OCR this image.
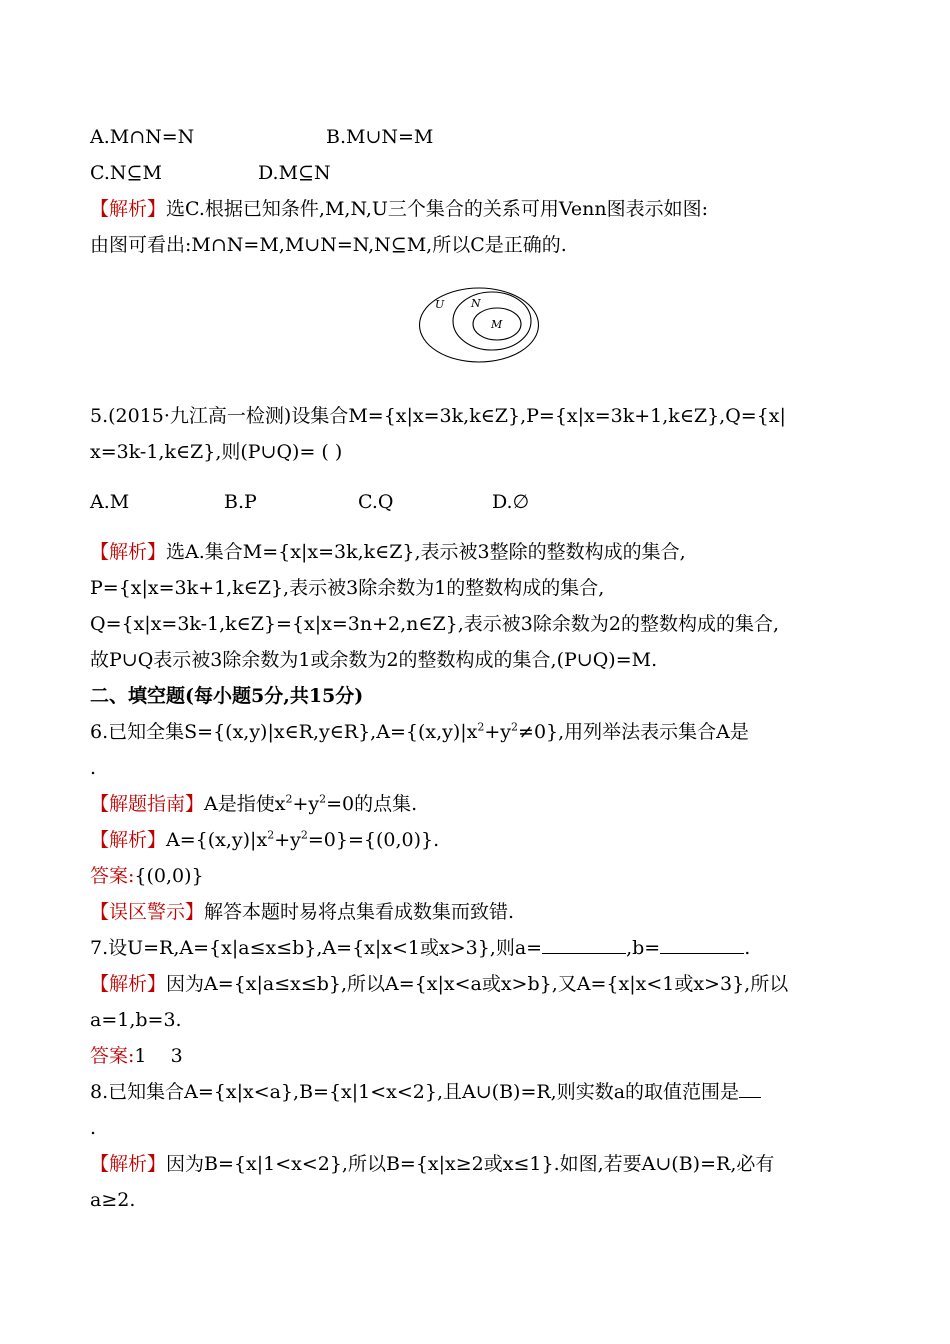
A.M∩N=N	B.M∪N=M
C.N⊆M	D.M⊆N
【解析】选C.根据已知条件,M,N,U三个集合的关系可用Venn图表示如图:
由图可看出:M∩N=M,M∪N=N,N⊆M,所以C是正确的.
U N
M
5.(2015·九江高一检测)设集合M={x|x=3k,k∈Z},P={x|x=3k+1,k∈Z},Q={x|
x=3k-1,k∈Z},则(P∪Q)= ( )
A.M	B.P	C.Q	D.∅
【解析】选A.集合M={x|x=3k,k∈Z},表示被3整除的整数构成的集合,
P={x|x=3k+1,k∈Z},表示被3除余数为1的整数构成的集合,
Q={x|x=3k-1,k∈Z}={x|x=3n+2,n∈Z},表示被3除余数为2的整数构成的集合,
故P∪Q表示被3除余数为1或余数为2的整数构成的集合,(P∪Q)=M.
二、填空题(每小题5分,共15分)
6.已知全集$S=\{(x,y)|x\in R,y\in R\},A=\{(x,y)|x^2+y^2\ne 0\}$,用列举法表示集合A是
.
【解题指南】A是指使$x^2+y^2=0$的点集.
【解析】$A=\{(x,y)|x^2+y^2=0\}=\{(0,0)\}$.
答案:{(0,0)}
【误区警示】解答本题时易将点集看成数集而致错.
7.设U=R,A={x|a≤x≤b},A={x|x<1或x>3},则a=	,b=	.
【解析】因为A={x|a≤x≤b},所以A={x|x<a或x>b},又A={x|x<1或x>3},所以
a=1,b=3.
答案:1    3
8.已知集合A={x|x<a},B={x|1<x<2},且A∪(B)=R,则实数a的取值范围是
.
【解析】因为B={x|1<x<2},所以B={x|x≥2或x≤1}.如图,若要A∪(B)=R,必有
a≥2.
